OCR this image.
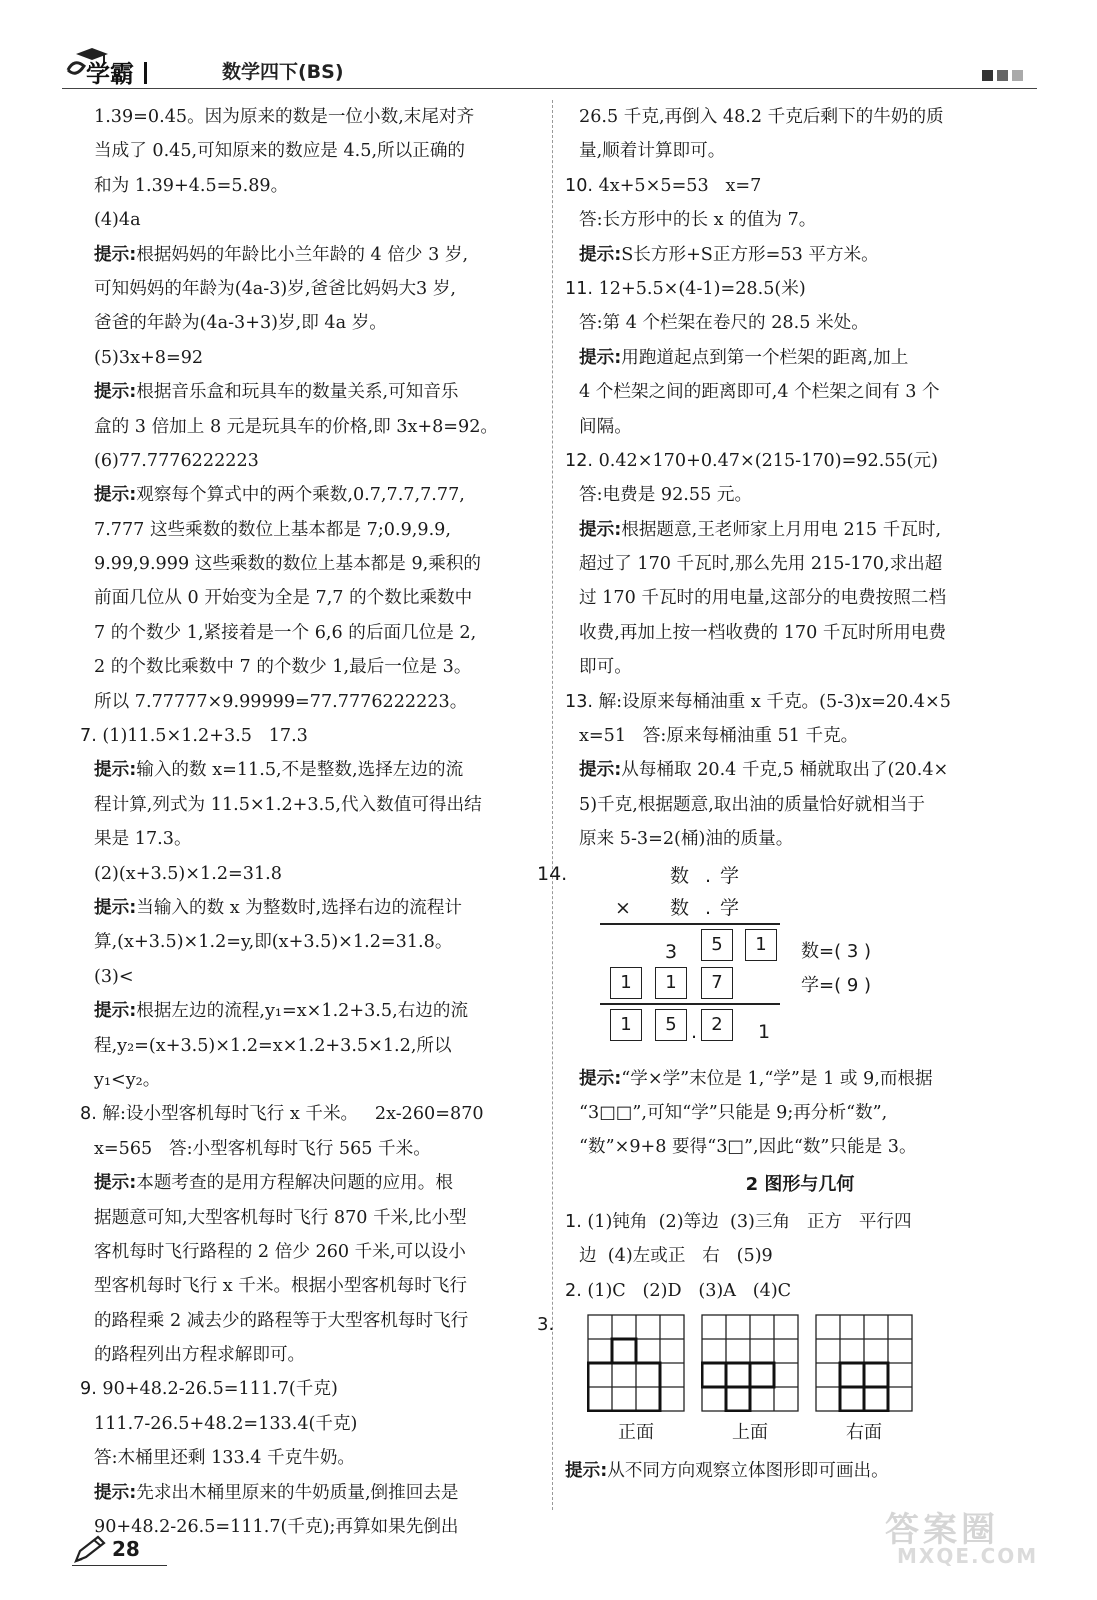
学霸	数学四下(BS)
1.39=0.45。因为原来的数是一位小数,末尾对齐
当成了 0.45,可知原来的数应是 4.5,所以正确的
和为 1.39+4.5=5.89。
(4)4a
提示:根据妈妈的年龄比小兰年龄的 4 倍少 3 岁,
可知妈妈的年龄为(4a-3)岁,爸爸比妈妈大3 岁,
爸爸的年龄为(4a-3+3)岁,即 4a 岁。
(5)3x+8=92
提示:根据音乐盒和玩具车的数量关系,可知音乐
盒的 3 倍加上 8 元是玩具车的价格,即 3x+8=92。
(6)77.7776222223
提示:观察每个算式中的两个乘数,0.7,7.7,7.77,
7.777 这些乘数的数位上基本都是 7;0.9,9.9,
9.99,9.999 这些乘数的数位上基本都是 9,乘积的
前面几位从 0 开始变为全是 7,7 的个数比乘数中
7 的个数少 1,紧接着是一个 6,6 的后面几位是 2,
2 的个数比乘数中 7 的个数少 1,最后一位是 3。
所以 7.77777×9.99999=77.7776222223。
7. (1)11.5×1.2+3.5   17.3
提示:输入的数 x=11.5,不是整数,选择左边的流
程计算,列式为 11.5×1.2+3.5,代入数值可得出结
果是 17.3。
(2)(x+3.5)×1.2=31.8
提示:当输入的数 x 为整数时,选择右边的流程计
算,(x+3.5)×1.2=y,即(x+3.5)×1.2=31.8。
(3)<
提示:根据左边的流程,y₁=x×1.2+3.5,右边的流
程,y₂=(x+3.5)×1.2=x×1.2+3.5×1.2,所以
y₁<y₂。
8. 解:设小型客机每时飞行 x 千米。   2x-260=870
x=565   答:小型客机每时飞行 565 千米。
提示:本题考查的是用方程解决问题的应用。根
据题意可知,大型客机每时飞行 870 千米,比小型
客机每时飞行路程的 2 倍少 260 千米,可以设小
型客机每时飞行 x 千米。根据小型客机每时飞行
的路程乘 2 减去少的路程等于大型客机每时飞行
的路程列出方程求解即可。
9. 90+48.2-26.5=111.7(千克)
111.7-26.5+48.2=133.4(千克)
答:木桶里还剩 133.4 千克牛奶。
提示:先求出木桶里原来的牛奶质量,倒推回去是
90+48.2-26.5=111.7(千克);再算如果先倒出
26.5 千克,再倒入 48.2 千克后剩下的牛奶的质
量,顺着计算即可。
10. 4x+5×5=53   x=7
答:长方形中的长 x 的值为 7。
提示:S长方形+S正方形=53 平方米。
11. 12+5.5×(4-1)=28.5(米)
答:第 4 个栏架在卷尺的 28.5 米处。
提示:用跑道起点到第一个栏架的距离,加上
4 个栏架之间的距离即可,4 个栏架之间有 3 个
间隔。
12. 0.42×170+0.47×(215-170)=92.55(元)
答:电费是 92.55 元。
提示:根据题意,王老师家上月用电 215 千瓦时,
超过了 170 千瓦时,那么先用 215-170,求出超
过 170 千瓦时的用电量,这部分的电费按照二档
收费,再加上按一档收费的 170 千瓦时所用电费
即可。
13. 解:设原来每桶油重 x 千克。(5-3)x=20.4×5
x=51   答:原来每桶油重 51 千克。
提示:从每桶取 20.4 千克,5 桶就取出了(20.4×
5)千克,根据题意,取出油的质量恰好就相当于
原来 5-3=2(桶)油的质量。
14.	数 . 学
× 数 . 学
3	5	1
1	1	7
1	5 . 2	1
数=( 3 )
学=( 9 )
提示:“学×学”末位是 1,“学”是 1 或 9,而根据
“3□□”,可知“学”只能是 9;再分析“数”,
“数”×9+8 要得“3□”,因此“数”只能是 3。
2 图形与几何
1. (1)钝角  (2)等边  (3)三角   正方   平行四
边  (4)左或正   右   (5)9
2. (1)C   (2)D   (3)A   (4)C
3.
正面	上面	右面
提示:从不同方向观察立体图形即可画出。
28	答案圈
MXQE.COM
